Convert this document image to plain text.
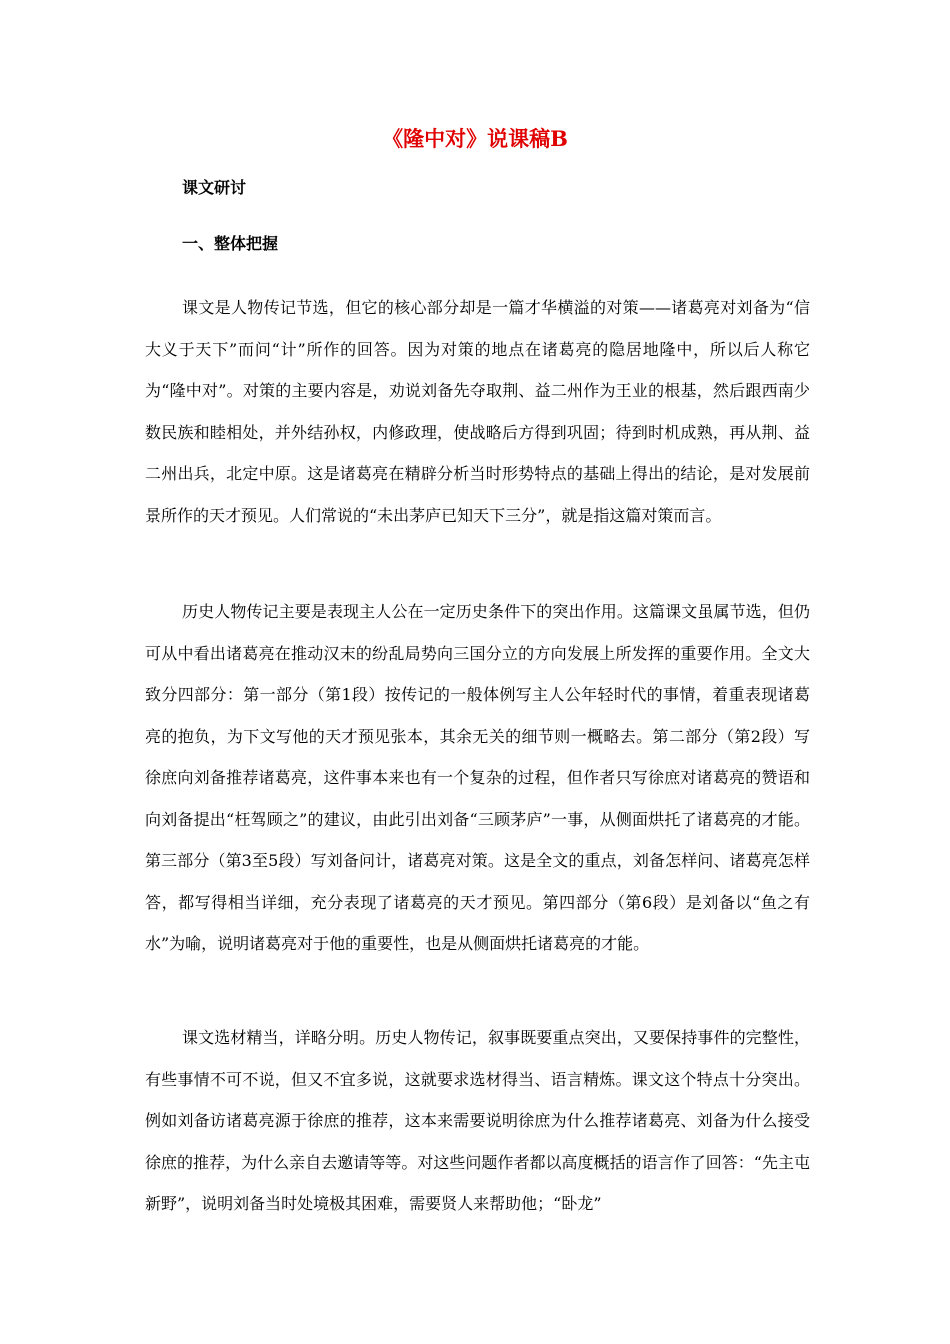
《隆中对》说课稿B
课文研讨
一、整体把握

课文是人物传记节选，但它的核心部分却是一篇才华横溢的对策——诸葛亮对刘备为“信大义于天下”而问“计”所作的回答。因为对策的地点在诸葛亮的隐居地隆中，所以后人称它为“隆中对”。对策的主要内容是，劝说刘备先夺取荆、益二州作为王业的根基，然后跟西南少数民族和睦相处，并外结孙权，内修政理，使战略后方得到巩固；待到时机成熟，再从荆、益二州出兵，北定中原。这是诸葛亮在精辟分析当时形势特点的基础上得出的结论，是对发展前景所作的天才预见。人们常说的“未出茅庐已知天下三分”，就是指这篇对策而言。

历史人物传记主要是表现主人公在一定历史条件下的突出作用。这篇课文虽属节选，但仍可从中看出诸葛亮在推动汉末的纷乱局势向三国分立的方向发展上所发挥的重要作用。全文大致分四部分：第一部分（第1段）按传记的一般体例写主人公年轻时代的事情，着重表现诸葛亮的抱负，为下文写他的天才预见张本，其余无关的细节则一概略去。第二部分（第2段）写徐庶向刘备推荐诸葛亮，这件事本来也有一个复杂的过程，但作者只写徐庶对诸葛亮的赞语和向刘备提出“枉驾顾之”的建议，由此引出刘备“三顾茅庐”一事，从侧面烘托了诸葛亮的才能。第三部分（第3至5段）写刘备问计，诸葛亮对策。这是全文的重点，刘备怎样问、诸葛亮怎样答，都写得相当详细，充分表现了诸葛亮的天才预见。第四部分（第6段）是刘备以“鱼之有水”为喻，说明诸葛亮对于他的重要性，也是从侧面烘托诸葛亮的才能。

课文选材精当，详略分明。历史人物传记，叙事既要重点突出，又要保持事件的完整性，有些事情不可不说，但又不宜多说，这就要求选材得当、语言精炼。课文这个特点十分突出。例如刘备访诸葛亮源于徐庶的推荐，这本来需要说明徐庶为什么推荐诸葛亮、刘备为什么接受徐庶的推荐，为什么亲自去邀请等等。对这些问题作者都以高度概括的语言作了回答：“先主屯新野”，说明刘备当时处境极其困难，需要贤人来帮助他；“卧龙”
